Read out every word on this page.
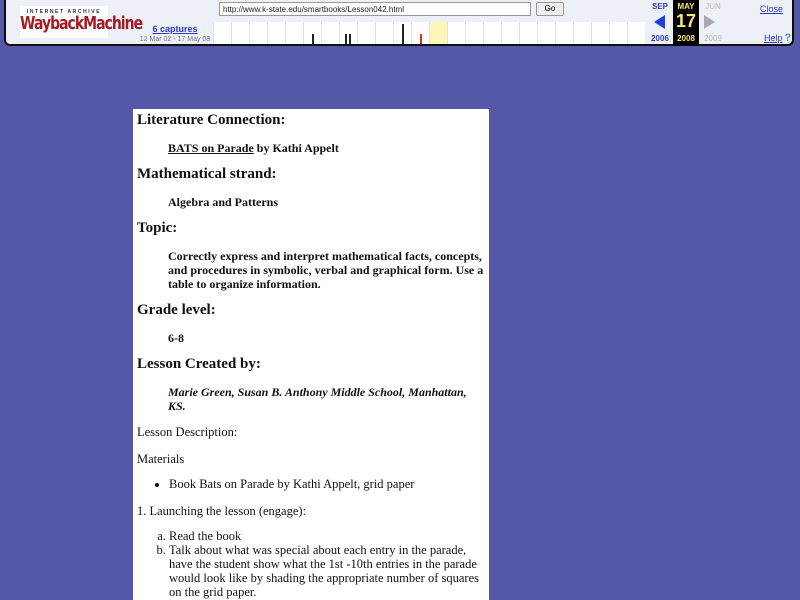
INTERNET ARCHIVE
WaybackMachine
http://www.k-state.edu/smartbooks/Lesson042.html	Go
6 captures
12 Mar 02 - 17 May 08
SEP
2006
MAY
17
2008
JUN
2009
Close
Help ?
Literature Connection:
BATS on Parade by Kathi Appelt
Mathematical strand:
Algebra and Patterns
Topic:
Correctly express and interpret mathematical facts, concepts, and procedures in symbolic, verbal and graphical form. Use a table to organize information.
Grade level:
6-8
Lesson Created by:
Marie Green, Susan B. Anthony Middle School, Manhattan, KS.
Lesson Description:
Materials
• Book Bats on Parade by Kathi Appelt, grid paper
1. Launching the lesson (engage):
a. Read the book
b. Talk about what was special about each entry in the parade, have the student show what the 1st -10th entries in the parade would look like by shading the appropriate number of squares on the grid paper.
